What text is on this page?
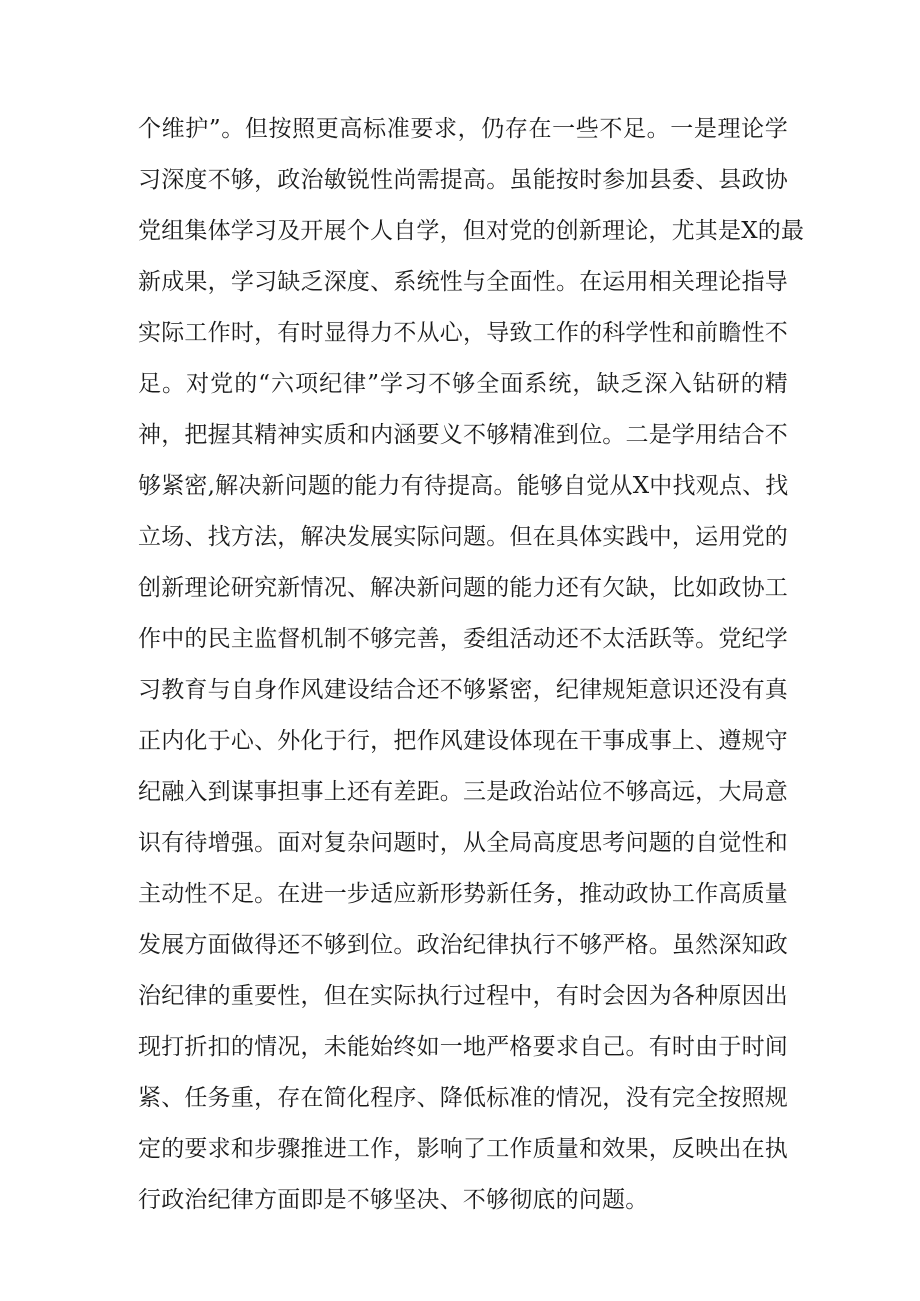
个维护”。但按照更高标准要求，仍存在一些不足。一是理论学
习深度不够，政治敏锐性尚需提高。虽能按时参加县委、县政协
党组集体学习及开展个人自学，但对党的创新理论，尤其是X的最
新成果，学习缺乏深度、系统性与全面性。在运用相关理论指导
实际工作时，有时显得力不从心，导致工作的科学性和前瞻性不
足。对党的“六项纪律”学习不够全面系统，缺乏深入钻研的精
神，把握其精神实质和内涵要义不够精准到位。二是学用结合不
够紧密,解决新问题的能力有待提高。能够自觉从X中找观点、找
立场、找方法，解决发展实际问题。但在具体实践中，运用党的
创新理论研究新情况、解决新问题的能力还有欠缺，比如政协工
作中的民主监督机制不够完善，委组活动还不太活跃等。党纪学
习教育与自身作风建设结合还不够紧密，纪律规矩意识还没有真
正内化于心、外化于行，把作风建设体现在干事成事上、遵规守
纪融入到谋事担事上还有差距。三是政治站位不够高远，大局意
识有待增强。面对复杂问题时，从全局高度思考问题的自觉性和
主动性不足。在进一步适应新形势新任务，推动政协工作高质量
发展方面做得还不够到位。政治纪律执行不够严格。虽然深知政
治纪律的重要性，但在实际执行过程中，有时会因为各种原因出
现打折扣的情况，未能始终如一地严格要求自己。有时由于时间
紧、任务重，存在简化程序、降低标准的情况，没有完全按照规
定的要求和步骤推进工作，影响了工作质量和效果，反映出在执
行政治纪律方面即是不够坚决、不够彻底的问题。
